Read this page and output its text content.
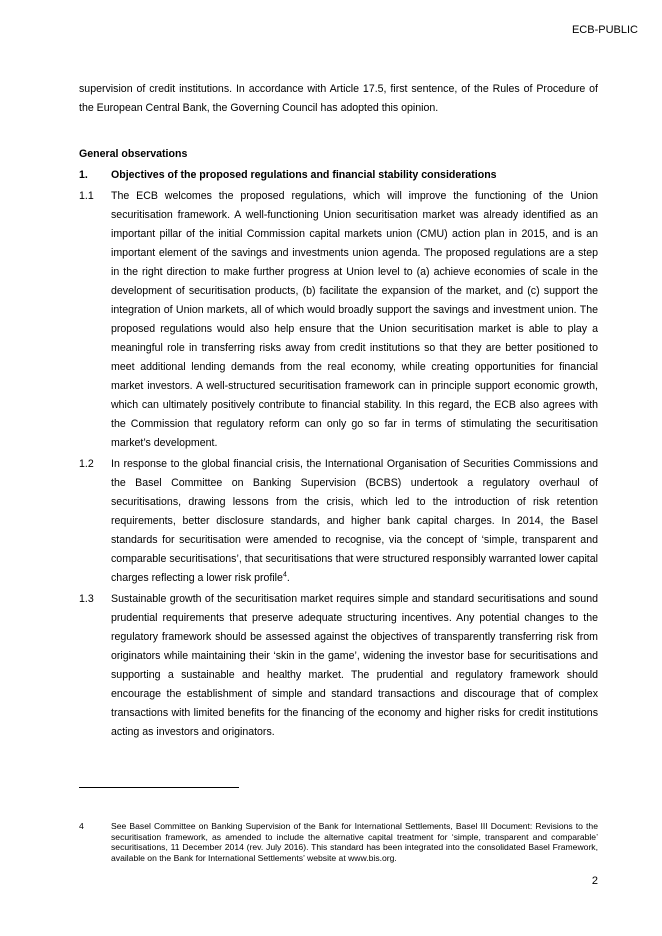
ECB-PUBLIC
supervision of credit institutions. In accordance with Article 17.5, first sentence, of the Rules of Procedure of the European Central Bank, the Governing Council has adopted this opinion.
General observations
1.	Objectives of the proposed regulations and financial stability considerations
1.1	The ECB welcomes the proposed regulations, which will improve the functioning of the Union securitisation framework. A well-functioning Union securitisation market was already identified as an important pillar of the initial Commission capital markets union (CMU) action plan in 2015, and is an important element of the savings and investments union agenda. The proposed regulations are a step in the right direction to make further progress at Union level to (a) achieve economies of scale in the development of securitisation products, (b) facilitate the expansion of the market, and (c) support the integration of Union markets, all of which would broadly support the savings and investment union. The proposed regulations would also help ensure that the Union securitisation market is able to play a meaningful role in transferring risks away from credit institutions so that they are better positioned to meet additional lending demands from the real economy, while creating opportunities for financial market investors. A well-structured securitisation framework can in principle support economic growth, which can ultimately positively contribute to financial stability. In this regard, the ECB also agrees with the Commission that regulatory reform can only go so far in terms of stimulating the securitisation market’s development.
1.2	In response to the global financial crisis, the International Organisation of Securities Commissions and the Basel Committee on Banking Supervision (BCBS) undertook a regulatory overhaul of securitisations, drawing lessons from the crisis, which led to the introduction of risk retention requirements, better disclosure standards, and higher bank capital charges. In 2014, the Basel standards for securitisation were amended to recognise, via the concept of ‘simple, transparent and comparable securitisations’, that securitisations that were structured responsibly warranted lower capital charges reflecting a lower risk profile$^4$.
1.3	Sustainable growth of the securitisation market requires simple and standard securitisations and sound prudential requirements that preserve adequate structuring incentives. Any potential changes to the regulatory framework should be assessed against the objectives of transparently transferring risk from originators while maintaining their ‘skin in the game’, widening the investor base for securitisations and supporting a sustainable and healthy market. The prudential and regulatory framework should encourage the establishment of simple and standard transactions and discourage that of complex transactions with limited benefits for the financing of the economy and higher risks for credit institutions acting as investors and originators.
4	See Basel Committee on Banking Supervision of the Bank for International Settlements, Basel III Document: Revisions to the securitisation framework, as amended to include the alternative capital treatment for ‘simple, transparent and comparable’ securitisations, 11 December 2014 (rev. July 2016). This standard has been integrated into the consolidated Basel Framework, available on the Bank for International Settlements’ website at www.bis.org.
2
